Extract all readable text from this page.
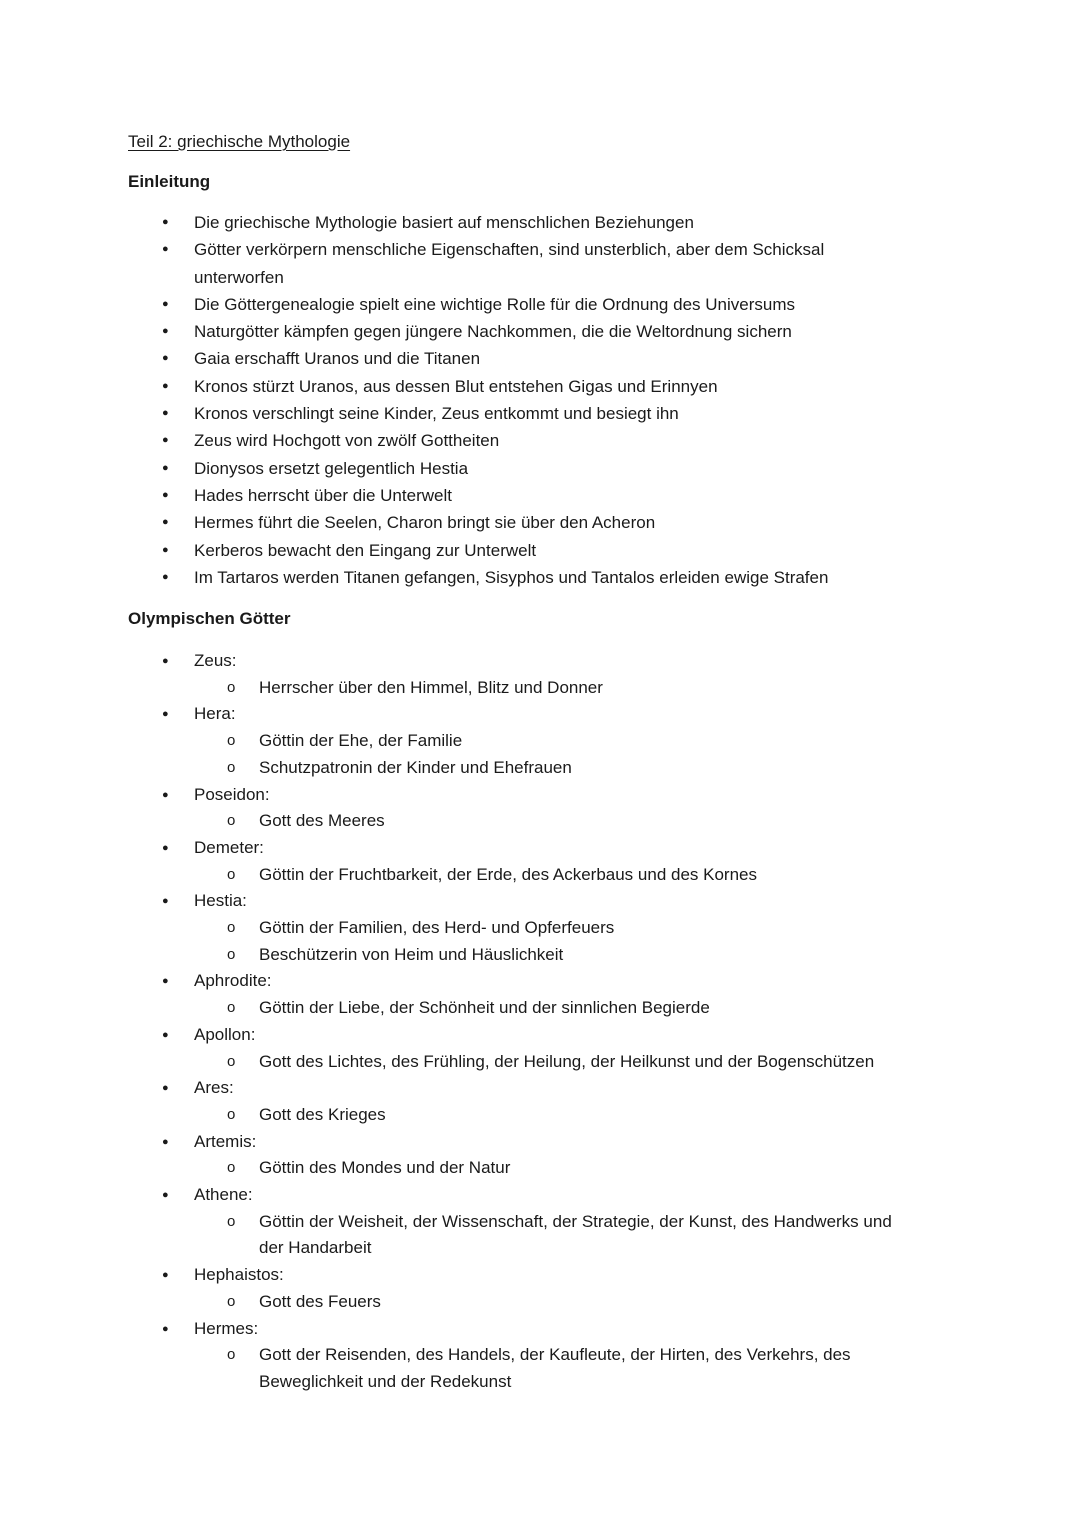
Teil 2: griechische Mythologie
Einleitung
● Die griechische Mythologie basiert auf menschlichen Beziehungen
● Götter verkörpern menschliche Eigenschaften, sind unsterblich, aber dem Schicksal
unterworfen
● Die Göttergenealogie spielt eine wichtige Rolle für die Ordnung des Universums
● Naturgötter kämpfen gegen jüngere Nachkommen, die die Weltordnung sichern
● Gaia erschafft Uranos und die Titanen
● Kronos stürzt Uranos, aus dessen Blut entstehen Gigas und Erinnyen
● Kronos verschlingt seine Kinder, Zeus entkommt und besiegt ihn
● Zeus wird Hochgott von zwölf Gottheiten
● Dionysos ersetzt gelegentlich Hestia
● Hades herrscht über die Unterwelt
● Hermes führt die Seelen, Charon bringt sie über den Acheron
● Kerberos bewacht den Eingang zur Unterwelt
● Im Tartaros werden Titanen gefangen, Sisyphos und Tantalos erleiden ewige Strafen
Olympischen Götter
● Zeus:
o Herrscher über den Himmel, Blitz und Donner
● Hera:
o Göttin der Ehe, der Familie
o Schutzpatronin der Kinder und Ehefrauen
● Poseidon:
o Gott des Meeres
● Demeter:
o Göttin der Fruchtbarkeit, der Erde, des Ackerbaus und des Kornes
● Hestia:
o Göttin der Familien, des Herd- und Opferfeuers
o Beschützerin von Heim und Häuslichkeit
● Aphrodite:
o Göttin der Liebe, der Schönheit und der sinnlichen Begierde
● Apollon:
o Gott des Lichtes, des Frühling, der Heilung, der Heilkunst und der Bogenschützen
● Ares:
o Gott des Krieges
● Artemis:
o Göttin des Mondes und der Natur
● Athene:
o Göttin der Weisheit, der Wissenschaft, der Strategie, der Kunst, des Handwerks und
der Handarbeit
● Hephaistos:
o Gott des Feuers
● Hermes:
o Gott der Reisenden, des Handels, der Kaufleute, der Hirten, des Verkehrs, des
Beweglichkeit und der Redekunst
